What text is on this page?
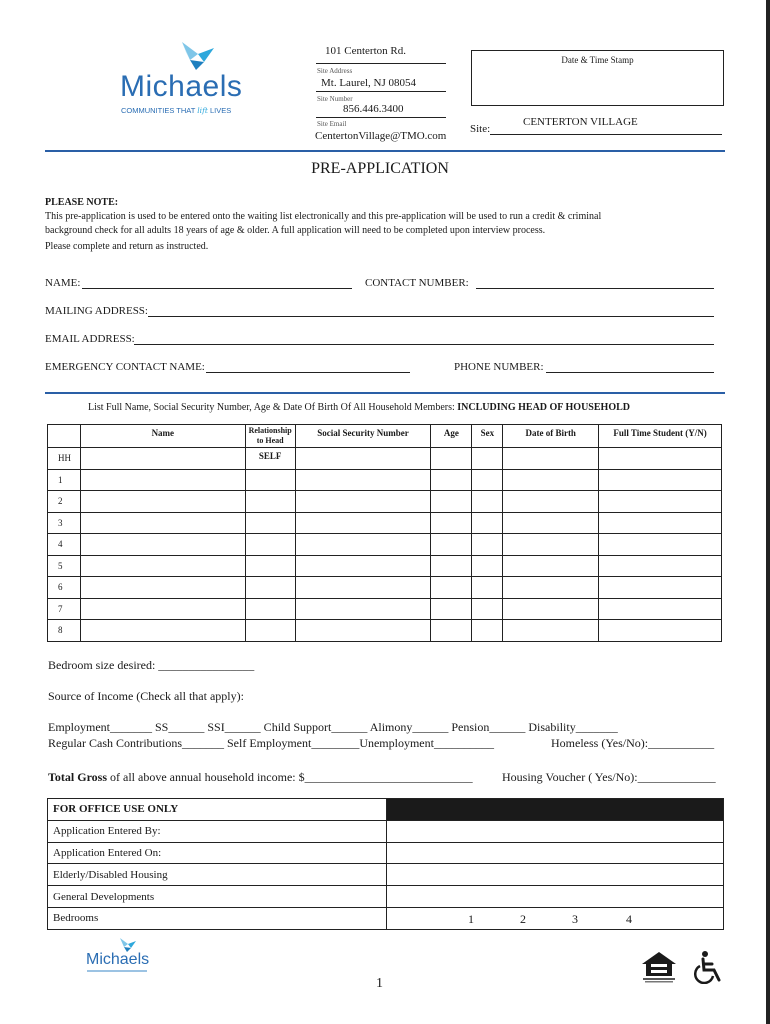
Michaels
COMMUNITIES THAT lift LIVES
101 Centerton Rd.
Site Address
Mt. Laurel, NJ 08054
Site Number
856.446.3400
Site Email
CentertonVillage@TMO.com
Date & Time Stamp
CENTERTON VILLAGE
Site:
PRE-APPLICATION
PLEASE NOTE:
This pre-application is used to be entered onto the waiting list electronically and this pre-application will be used to run a credit & criminal
background check for all adults 18 years of age & older. A full application will need to be completed upon interview process.
Please complete and return as instructed.
NAME:	CONTACT NUMBER:
MAILING ADDRESS:
EMAIL ADDRESS:
EMERGENCY CONTACT NAME:	PHONE NUMBER:
List Full Name, Social Security Number, Age & Date Of Birth Of All Household Members: INCLUDING HEAD OF HOUSEHOLD
	Name	Relationship to Head	Social Security Number	Age	Sex	Date of Birth	Full Time Student (Y/N)
HH		SELF					
1							
2							
3							
4							
5							
6							
7							
8							
Bedroom size desired: ________________
Source of Income (Check all that apply):
Employment_______ SS______ SSI______ Child Support______ Alimony______ Pension______ Disability_______
Regular Cash Contributions_______ Self Employment________Unemployment__________	Homeless (Yes/No):___________
Total Gross of all above annual household income: $____________________________ Housing Voucher ( Yes/No):_____________
FOR OFFICE USE ONLY	
Application Entered By:	
Application Entered On:	
Elderly/Disabled Housing	
General Developments	
Bedrooms		1	2	3	4
Michaels
1
